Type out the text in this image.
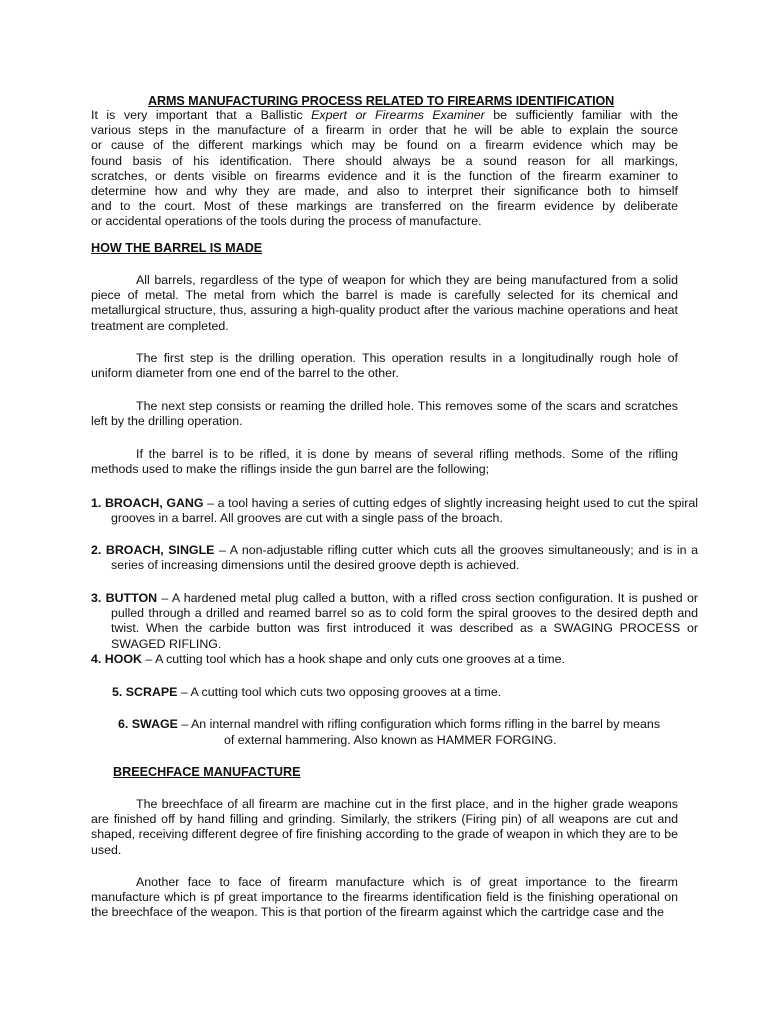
ARMS MANUFACTURING PROCESS RELATED TO FIREARMS IDENTIFICATION
It is very important that a Ballistic Expert or Firearms Examiner be sufficiently familiar with the
various steps in the manufacture of a firearm in order that he will be able to explain the source
or cause of the different markings which may be found on a firearm evidence which may be
found basis of his identification. There should always be a sound reason for all markings,
scratches, or dents visible on firearms evidence and it is the function of the firearm examiner to
determine how and why they are made, and also to interpret their significance both to himself
and to the court. Most of these markings are transferred on the firearm evidence by deliberate
or accidental operations of the tools during the process of manufacture.
HOW THE BARREL IS MADE
All barrels, regardless of the type of weapon for which they are being manufactured from a solid piece of metal. The metal from which the barrel is made is carefully selected for its chemical and metallurgical structure, thus, assuring a high-quality product after the various machine operations and heat treatment are completed.
The first step is the drilling operation. This operation results in a longitudinally rough hole of uniform diameter from one end of the barrel to the other.
The next step consists or reaming the drilled hole. This removes some of the scars and scratches left by the drilling operation.
If the barrel is to be rifled, it is done by means of several rifling methods. Some of the rifling methods used to make the riflings inside the gun barrel are the following;
1. BROACH, GANG – a tool having a series of cutting edges of slightly increasing height used to cut the spiral grooves in a barrel. All grooves are cut with a single pass of the broach.
2. BROACH, SINGLE – A non-adjustable rifling cutter which cuts all the grooves simultaneously; and is in a series of increasing dimensions until the desired groove depth is achieved.
3. BUTTON – A hardened metal plug called a button, with a rifled cross section configuration. It is pushed or pulled through a drilled and reamed barrel so as to cold form the spiral grooves to the desired depth and twist. When the carbide button was first introduced it was described as a SWAGING PROCESS or SWAGED RIFLING.
4. HOOK – A cutting tool which has a hook shape and only cuts one grooves at a time.
5. SCRAPE – A cutting tool which cuts two opposing grooves at a time.
6. SWAGE – An internal mandrel with rifling configuration which forms rifling in the barrel by means
of external hammering. Also known as HAMMER FORGING.
BREECHFACE MANUFACTURE
The breechface of all firearm are machine cut in the first place, and in the higher grade weapons are finished off by hand filling and grinding. Similarly, the strikers (Firing pin) of all weapons are cut and shaped, receiving different degree of fire finishing according to the grade of weapon in which they are to be used.
Another face to face of firearm manufacture which is of great importance to the firearm manufacture which is pf great importance to the firearms identification field is the finishing operational on the breechface of the weapon. This is that portion of the firearm against which the cartridge case and the
